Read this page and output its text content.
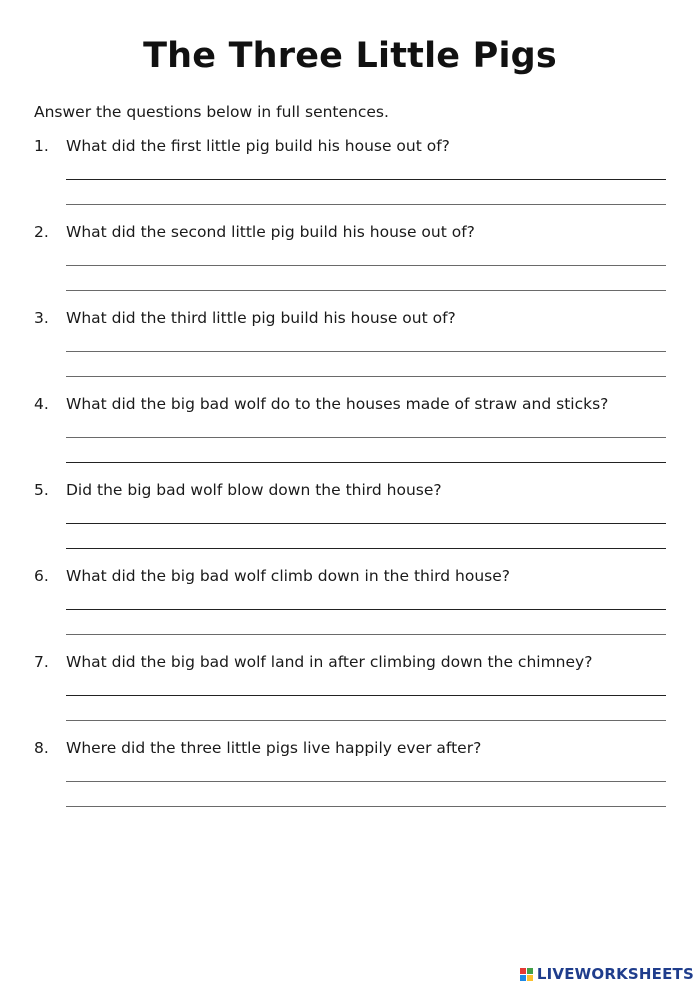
The Three Little Pigs
Answer the questions below in full sentences.
1. What did the first little pig build his house out of?
2. What did the second little pig build his house out of?
3. What did the third little pig build his house out of?
4. What did the big bad wolf do to the houses made of straw and sticks?
5. Did the big bad wolf blow down the third house?
6. What did the big bad wolf climb down in the third house?
7. What did the big bad wolf land in after climbing down the chimney?
8. Where did the three little pigs live happily ever after?
LIVEWORKSHEETS
